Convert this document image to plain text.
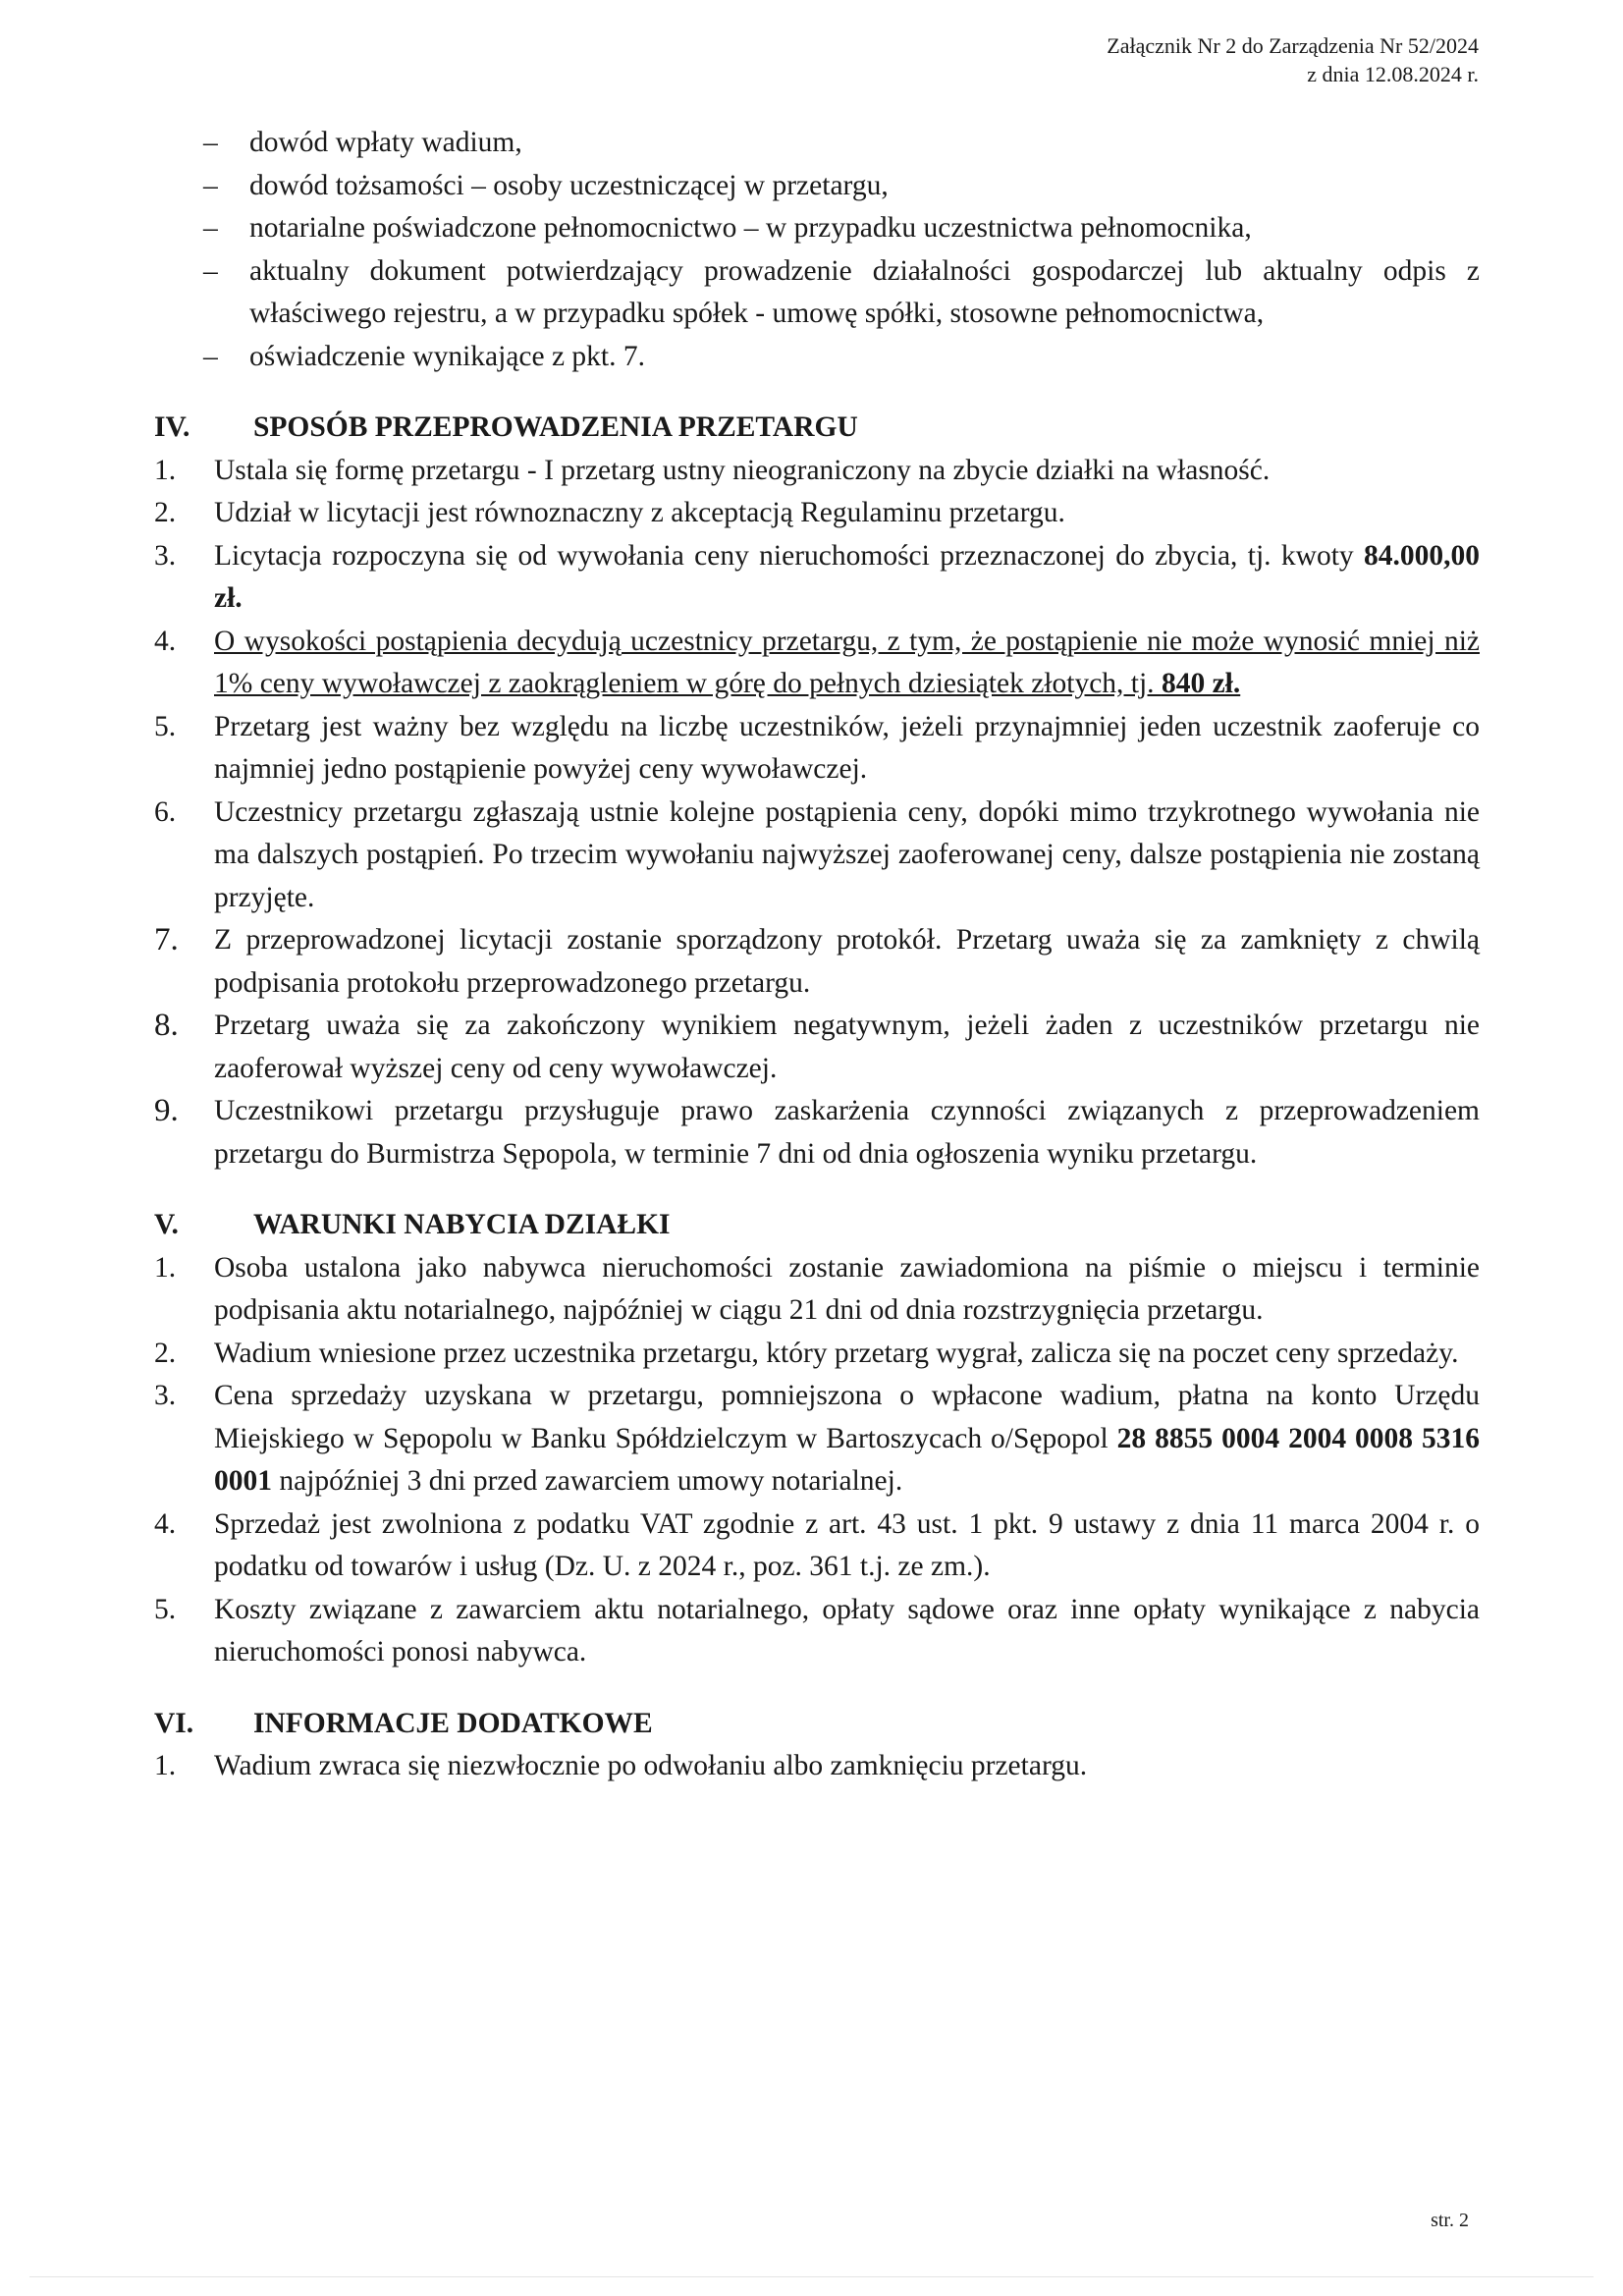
Załącznik Nr 2 do Zarządzenia Nr 52/2024
z dnia 12.08.2024 r.
– dowód wpłaty wadium,
– dowód tożsamości – osoby uczestniczącej w przetargu,
– notarialne poświadczone pełnomocnictwo – w przypadku uczestnictwa pełnomocnika,
– aktualny dokument potwierdzający prowadzenie działalności gospodarczej lub aktualny odpis z właściwego rejestru, a w przypadku spółek - umowę spółki, stosowne pełnomocnictwa,
– oświadczenie wynikające z pkt. 7.
IV. SPOSÓB PRZEPROWADZENIA PRZETARGU
1. Ustala się formę przetargu - I przetarg ustny nieograniczony na zbycie działki na własność.
2. Udział w licytacji jest równoznaczny z akceptacją Regulaminu przetargu.
3. Licytacja rozpoczyna się od wywołania ceny nieruchomości przeznaczonej do zbycia, tj. kwoty 84.000,00 zł.
4. O wysokości postąpienia decydują uczestnicy przetargu, z tym, że postąpienie nie może wynosić mniej niż 1% ceny wywoławczej z zaokrągleniem w górę do pełnych dziesiątek złotych, tj. 840 zł.
5. Przetarg jest ważny bez względu na liczbę uczestników, jeżeli przynajmniej jeden uczestnik zaoferuje co najmniej jedno postąpienie powyżej ceny wywoławczej.
6. Uczestnicy przetargu zgłaszają ustnie kolejne postąpienia ceny, dopóki mimo trzykrotnego wywołania nie ma dalszych postąpień. Po trzecim wywołaniu najwyższej zaoferowanej ceny, dalsze postąpienia nie zostaną przyjęte.
7. Z przeprowadzonej licytacji zostanie sporządzony protokół. Przetarg uważa się za zamknięty z chwilą podpisania protokołu przeprowadzonego przetargu.
8. Przetarg uważa się za zakończony wynikiem negatywnym, jeżeli żaden z uczestników przetargu nie zaoferował wyższej ceny od ceny wywoławczej.
9. Uczestnikowi przetargu przysługuje prawo zaskarżenia czynności związanych z przeprowadzeniem przetargu do Burmistrza Sępopola, w terminie 7 dni od dnia ogłoszenia wyniku przetargu.
V.	WARUNKI NABYCIA DZIAŁKI
1. Osoba ustalona jako nabywca nieruchomości zostanie zawiadomiona na piśmie o miejscu i terminie podpisania aktu notarialnego, najpóźniej w ciągu 21 dni od dnia rozstrzygnięcia przetargu.
2. Wadium wniesione przez uczestnika przetargu, który przetarg wygrał, zalicza się na poczet ceny sprzedaży.
3. Cena sprzedaży uzyskana w przetargu, pomniejszona o wpłacone wadium, płatna na konto Urzędu Miejskiego w Sępopolu w Banku Spółdzielczym w Bartoszycach o/Sępopol 28 8855 0004 2004 0008 5316 0001 najpóźniej 3 dni przed zawarciem umowy notarialnej.
4. Sprzedaż jest zwolniona z podatku VAT zgodnie z art. 43 ust. 1 pkt. 9 ustawy z dnia 11 marca 2004 r. o podatku od towarów i usług (Dz. U. z 2024 r., poz. 361 t.j. ze zm.).
5. Koszty związane z zawarciem aktu notarialnego, opłaty sądowe oraz inne opłaty wynikające z nabycia nieruchomości ponosi nabywca.
VI. INFORMACJE DODATKOWE
1. Wadium zwraca się niezwłocznie po odwołaniu albo zamknięciu przetargu.
str. 2
